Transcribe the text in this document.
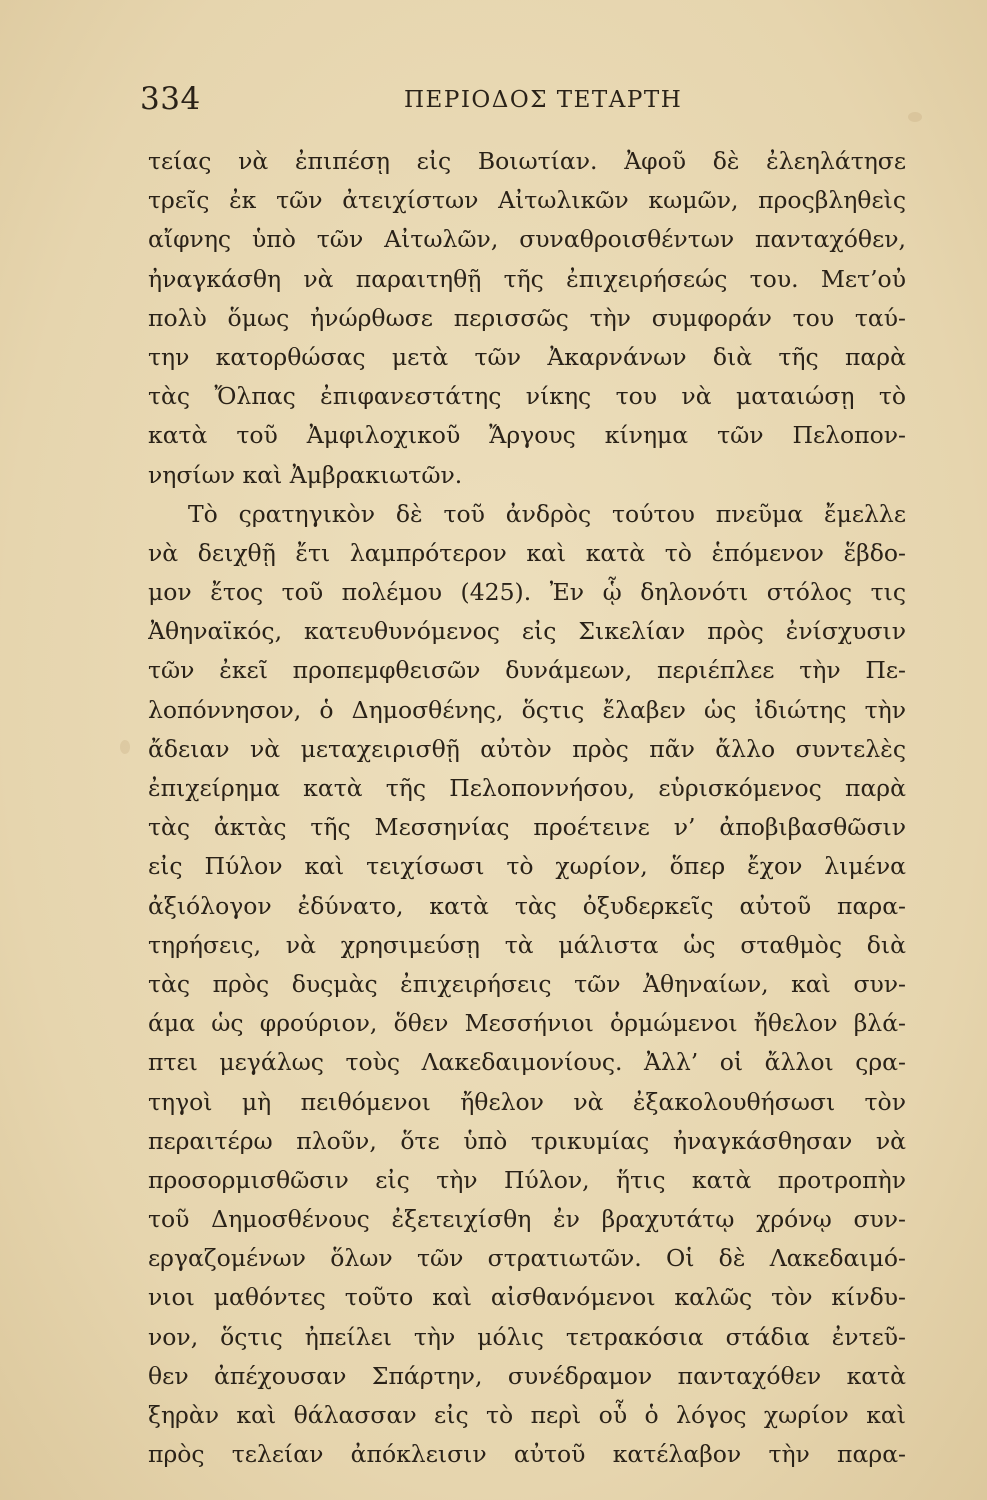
334	ΠΕΡΙΟΔΟΣ ΤΕΤΑΡΤΗ
τείας νὰ ἐπιπέσῃ εἰς Βοιωτίαν. Ἀφοῦ δὲ ἐλεηλάτησε
τρεῖς ἐκ τῶν ἀτειχίστων Αἰτωλικῶν κωμῶν, προςβληθεὶς
αἴφνης ὑπὸ τῶν Αἰτωλῶν, συναθροισθέντων πανταχόθεν,
ἠναγκάσθη νὰ παραιτηθῇ τῆς ἐπιχειρήσεώς του. Μετ’οὐ
πολὺ ὅμως ἠνώρθωσε περισσῶς τὴν συμφοράν του ταύ-
την κατορθώσας μετὰ τῶν Ἀκαρνάνων διὰ τῆς παρὰ
τὰς Ὄλπας ἐπιφανεστάτης νίκης του νὰ ματαιώσῃ τὸ
κατὰ τοῦ Ἀμφιλοχικοῦ Ἄργους κίνημα τῶν Πελοπον-
νησίων καὶ Ἀμβρακιωτῶν.
Τὸ ςρατηγικὸν δὲ τοῦ ἀνδρὸς τούτου πνεῦμα ἔμελλε
νὰ δειχθῇ ἔτι λαμπρότερον καὶ κατὰ τὸ ἑπόμενον ἕβδο-
μον ἔτος τοῦ πολέμου (425). Ἐν ᾧ δηλονότι στόλος τις
Ἀθηναϊκός, κατευθυνόμενος εἰς Σικελίαν πρὸς ἐνίσχυσιν
τῶν ἐκεῖ προπεμφθεισῶν δυνάμεων, περιέπλεε τὴν Πε-
λοπόννησον, ὁ Δημοσθένης, ὅςτις ἔλαβεν ὡς ἰδιώτης τὴν
ἄδειαν νὰ μεταχειρισθῇ αὐτὸν πρὸς πᾶν ἄλλο συντελὲς
ἐπιχείρημα κατὰ τῆς Πελοποννήσου, εὑρισκόμενος παρὰ
τὰς ἀκτὰς τῆς Μεσσηνίας προέτεινε ν’ ἀποβιβασθῶσιν
εἰς Πύλον καὶ τειχίσωσι τὸ χωρίον, ὅπερ ἔχον λιμένα
ἀξιόλογον ἐδύνατο, κατὰ τὰς ὀξυδερκεῖς αὐτοῦ παρα-
τηρήσεις, νὰ χρησιμεύσῃ τὰ μάλιστα ὡς σταθμὸς διὰ
τὰς πρὸς δυςμὰς ἐπιχειρήσεις τῶν Ἀθηναίων, καὶ συν-
άμα ὡς φρούριον, ὅθεν Μεσσήνιοι ὁρμώμενοι ἤθελον βλά-
πτει μεγάλως τοὺς Λακεδαιμονίους. Ἀλλ’ οἱ ἄλλοι ςρα-
τηγοὶ μὴ πειθόμενοι ἤθελον νὰ ἐξακολουθήσωσι τὸν
περαιτέρω πλοῦν, ὅτε ὑπὸ τρικυμίας ἠναγκάσθησαν νὰ
προσορμισθῶσιν εἰς τὴν Πύλον, ἥτις κατὰ προτροπὴν
τοῦ Δημοσθένους ἐξετειχίσθη ἐν βραχυτάτῳ χρόνῳ συν-
εργαζομένων ὅλων τῶν στρατιωτῶν. Οἱ δὲ Λακεδαιμό-
νιοι μαθόντες τοῦτο καὶ αἰσθανόμενοι καλῶς τὸν κίνδυ-
νον, ὅςτις ἠπείλει τὴν μόλις τετρακόσια στάδια ἐντεῦ-
θεν ἀπέχουσαν Σπάρτην, συνέδραμον πανταχόθεν κατὰ
ξηρὰν καὶ θάλασσαν εἰς τὸ περὶ οὗ ὁ λόγος χωρίον καὶ
πρὸς τελείαν ἀπόκλεισιν αὐτοῦ κατέλαβον τὴν παρα-
